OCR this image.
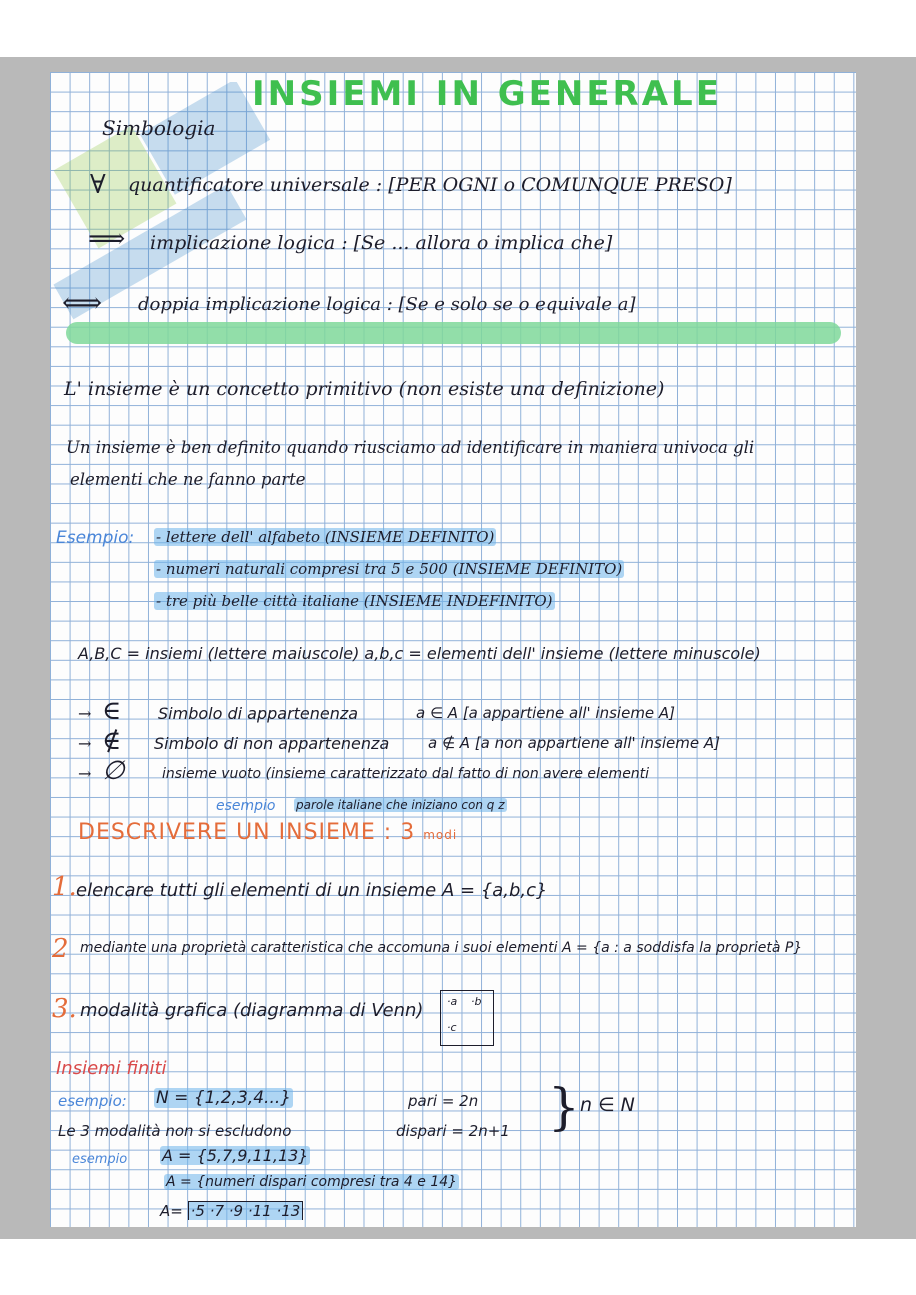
INSIEMI IN GENERALE
Simbologia
∀ quantificatore universale : [PER OGNI o COMUNQUE PRESO]
⟹ implicazione logica : [Se ... allora o implica che]
⟺ doppia implicazione logica : [Se e solo se o equivale a]
L' insieme è un concetto primitivo (non esiste una definizione)
Un insieme è ben definito quando riusciamo ad identificare in maniera univoca gli
elementi che ne fanno parte
Esempio: - lettere dell' alfabeto (INSIEME DEFINITO)
- numeri naturali compresi tra 5 e 500 (INSIEME DEFINITO)
- tre più belle città italiane (INSIEME INDEFINITO)
A,B,C = insiemi (lettere maiuscole) a,b,c = elementi dell' insieme (lettere minuscole)
→ ∈ Simbolo di appartenenza	a ∈ A [a appartiene all' insieme A]
→ ∉ Simbolo di non appartenenza	a ∉ A [a non appartiene all' insieme A]
→ ∅	insieme vuoto (insieme caratterizzato dal fatto di non avere elementi
esempio parole italiane che iniziano con q z
DESCRIVERE UN INSIEME : 3 modi
1. elencare tutti gli elementi di un insieme A = {a,b,c}
2 mediante una proprietà caratteristica che accomuna i suoi elementi A = {a : a soddisfa la proprietà P}
3. modalità grafica (diagramma di Venn) ·a ·b
·c
Insiemi finiti
esempio: N = {1,2,3,4...}	pari = 2n
dispari = 2n+1 } n ∈ N
Le 3 modalità non si escludono
esempio A = {5,7,9,11,13}
A = {numeri dispari compresi tra 4 e 14}
A= ·5 ·7 ·9 ·11 ·13
